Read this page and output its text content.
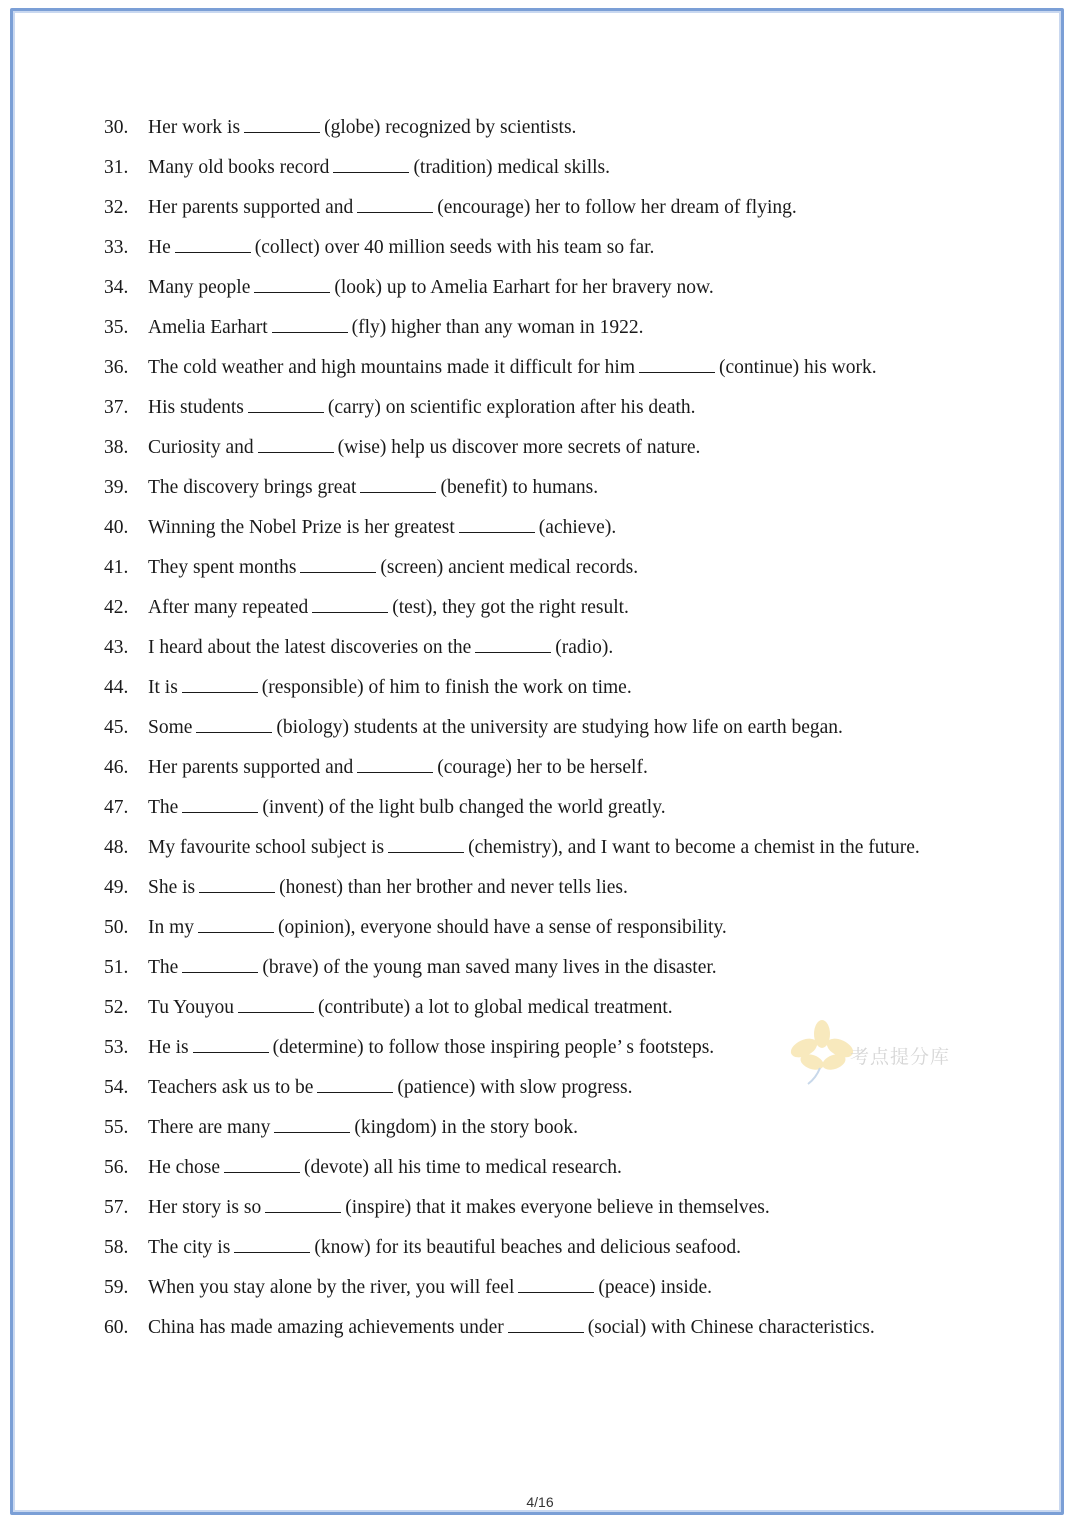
30. Her work is	(globe) recognized by scientists.
31. Many old books record	(tradition) medical skills.
32. Her parents supported and	(encourage) her to follow her dream of flying.
33. He	(collect) over 40 million seeds with his team so far.
34. Many people	(look) up to Amelia Earhart for her bravery now.
35. Amelia Earhart	(fly) higher than any woman in 1922.
36. The cold weather and high mountains made it difficult for him	(continue) his work.
37. His students	(carry) on scientific exploration after his death.
38. Curiosity and	(wise) help us discover more secrets of nature.
39. The discovery brings great	(benefit) to humans.
40. Winning the Nobel Prize is her greatest	(achieve).
41. They spent months	(screen) ancient medical records.
42. After many repeated	(test), they got the right result.
43. I heard about the latest discoveries on the	(radio).
44. It is	(responsible) of him to finish the work on time.
45. Some	(biology) students at the university are studying how life on earth began.
46. Her parents supported and	(courage) her to be herself.
47. The	(invent) of the light bulb changed the world greatly.
48. My favourite school subject is	(chemistry), and I want to become a chemist in the future.
49. She is	(honest) than her brother and never tells lies.
50. In my	(opinion), everyone should have a sense of responsibility.
51. The	(brave) of the young man saved many lives in the disaster.
52. Tu Youyou	(contribute) a lot to global medical treatment.
53. He is	(determine) to follow those inspiring people’ s footsteps.
54. Teachers ask us to be	(patience) with slow progress.
55. There are many	(kingdom) in the story book.
56. He chose	(devote) all his time to medical research.
57. Her story is so	(inspire) that it makes everyone believe in themselves.
58. The city is	(know) for its beautiful beaches and delicious seafood.
59. When you stay alone by the river, you will feel	(peace) inside.
60. China has made amazing achievements under	(social) with Chinese characteristics.
考点提分库
4/16
